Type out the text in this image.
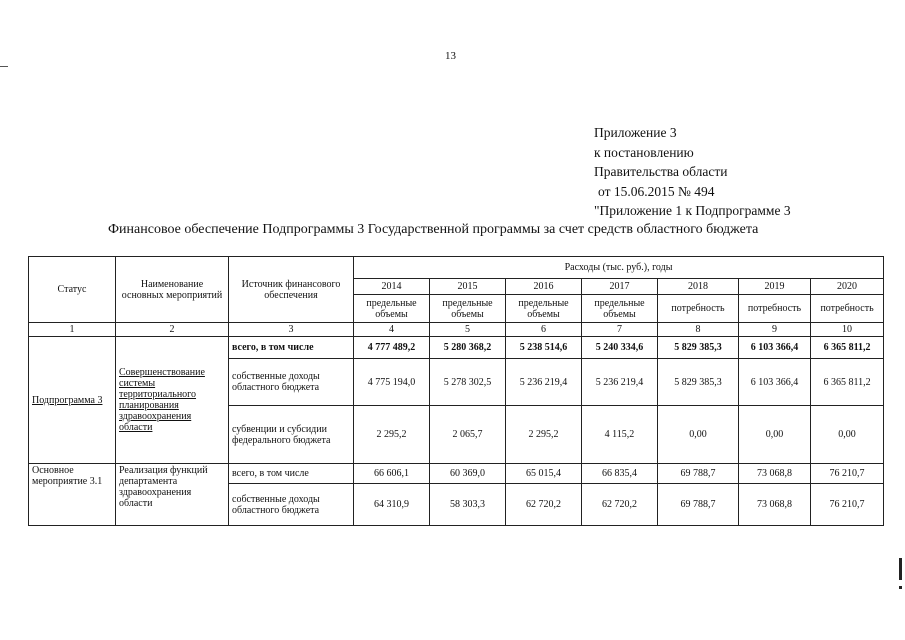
13
Приложение 3
к постановлению
Правительства области
от 15.06.2015 № 494
"Приложение 1 к Подпрограмме 3
Финансовое обеспечение Подпрограммы 3 Государственной программы за счет средств областного бюджета
Статус	Наименование основных мероприятий	Источник финансового обеспечения	Расходы (тыс. руб.), годы						
			2014	2015	2016	2017	2018	2019	2020
			предельные объемы	предельные объемы	предельные объемы	предельные объемы	потребность	потребность	потребность
1	2	3	4	5	6	7	8	9	10
Подпрограмма 3	Совершенствование системы территориального планирования здравоохранения области	всего, в том числе	4 777 489,2	5 280 368,2	5 238 514,6	5 240 334,6	5 829 385,3	6 103 366,4	6 365 811,2
		собственные доходы областного бюджета	4 775 194,0	5 278 302,5	5 236 219,4	5 236 219,4	5 829 385,3	6 103 366,4	6 365 811,2
		субвенции и субсидии федерального бюджета	2 295,2	2 065,7	2 295,2	4 115,2	0,00	0,00	0,00
Основное мероприятие 3.1	Реализация функций департамента здравоохранения области	всего, в том числе	66 606,1	60 369,0	65 015,4	66 835,4	69 788,7	73 068,8	76 210,7
		собственные доходы областного бюджета	64 310,9	58 303,3	62 720,2	62 720,2	69 788,7	73 068,8	76 210,7
